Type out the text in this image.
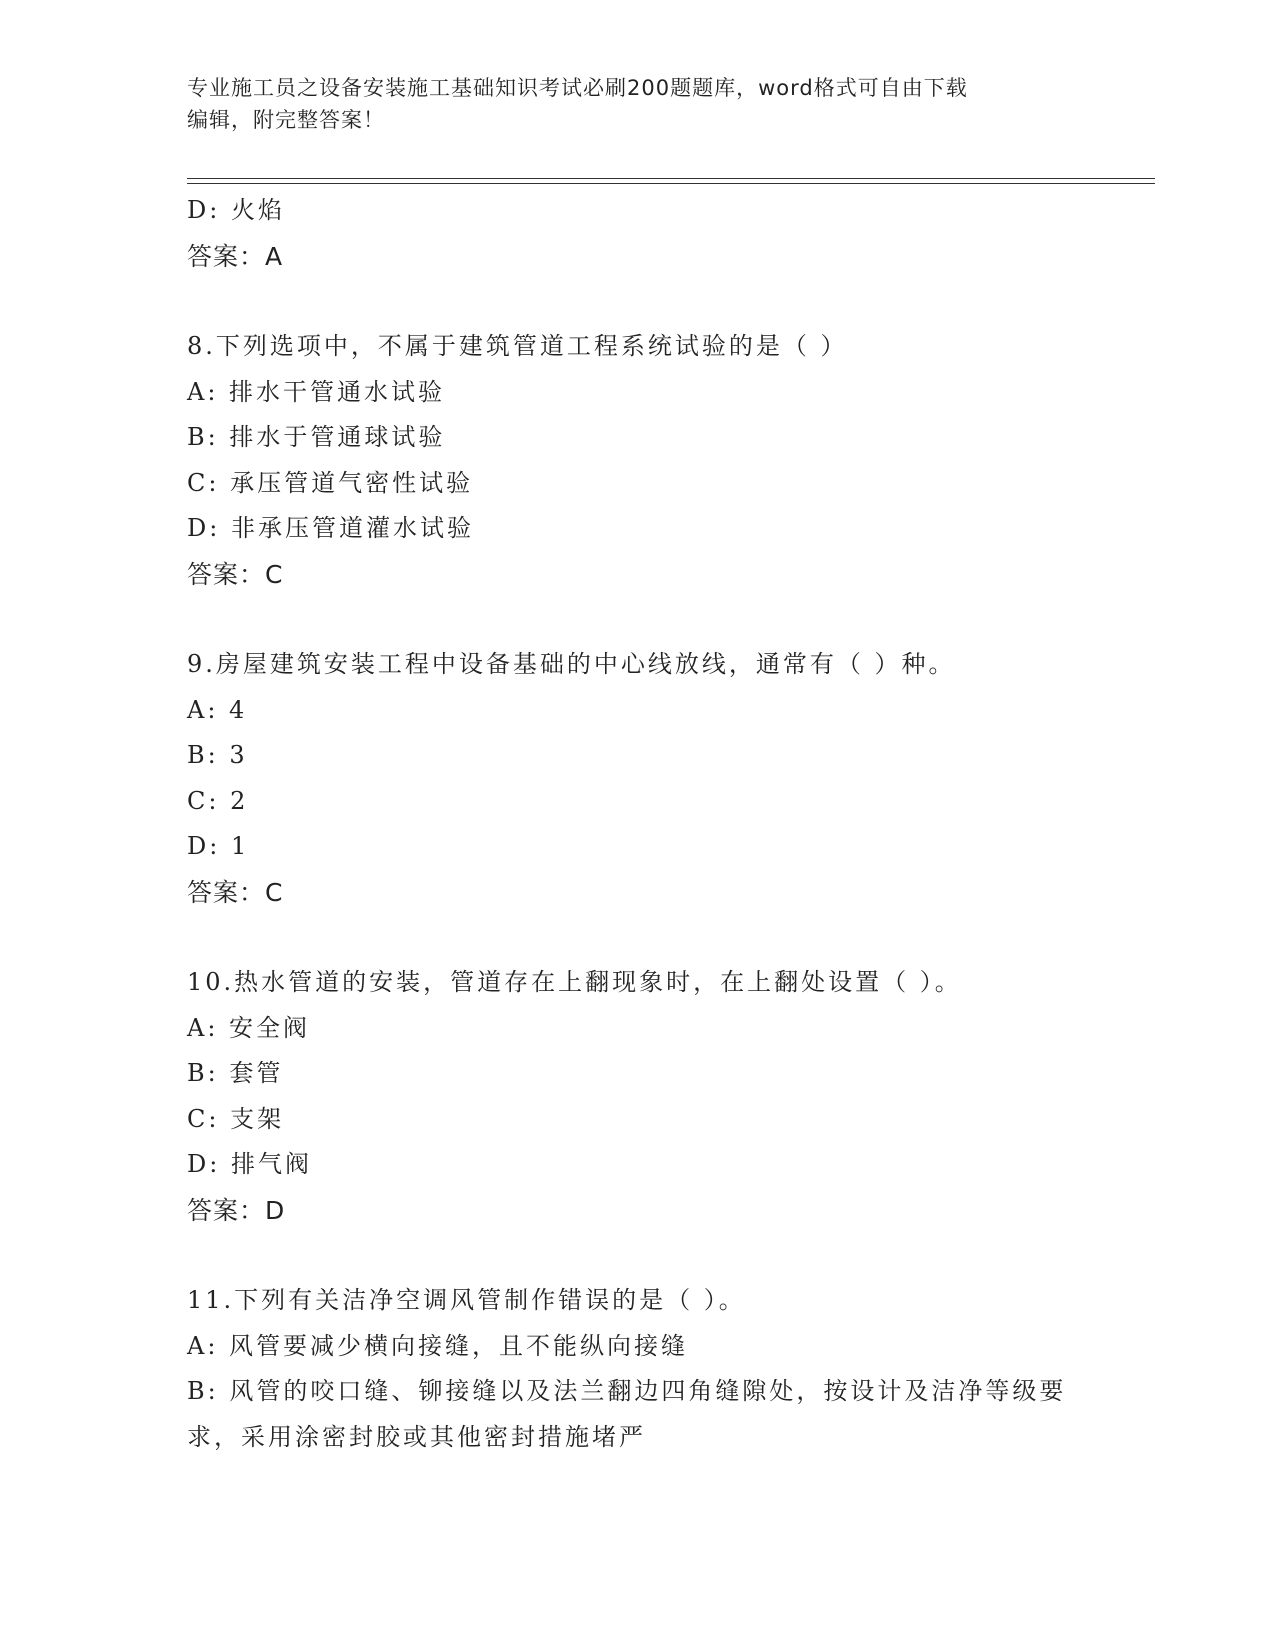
专业施工员之设备安装施工基础知识考试必刷200题题库，word格式可自由下载
编辑，附完整答案！
D: 火焰
答案：A
8.下列选项中，不属于建筑管道工程系统试验的是（ ）
A: 排水干管通水试验
B: 排水于管通球试验
C: 承压管道气密性试验
D: 非承压管道灌水试验
答案：C
9.房屋建筑安装工程中设备基础的中心线放线，通常有（ ）种。
A: 4
B: 3
C: 2
D: 1
答案：C
10.热水管道的安装，管道存在上翻现象时，在上翻处设置（ ）。
A: 安全阀
B: 套管
C: 支架
D: 排气阀
答案：D
11.下列有关洁净空调风管制作错误的是（ ）。
A: 风管要减少横向接缝，且不能纵向接缝
B: 风管的咬口缝、铆接缝以及法兰翻边四角缝隙处，按设计及洁净等级要求，采用涂密封胶或其他密封措施堵严
